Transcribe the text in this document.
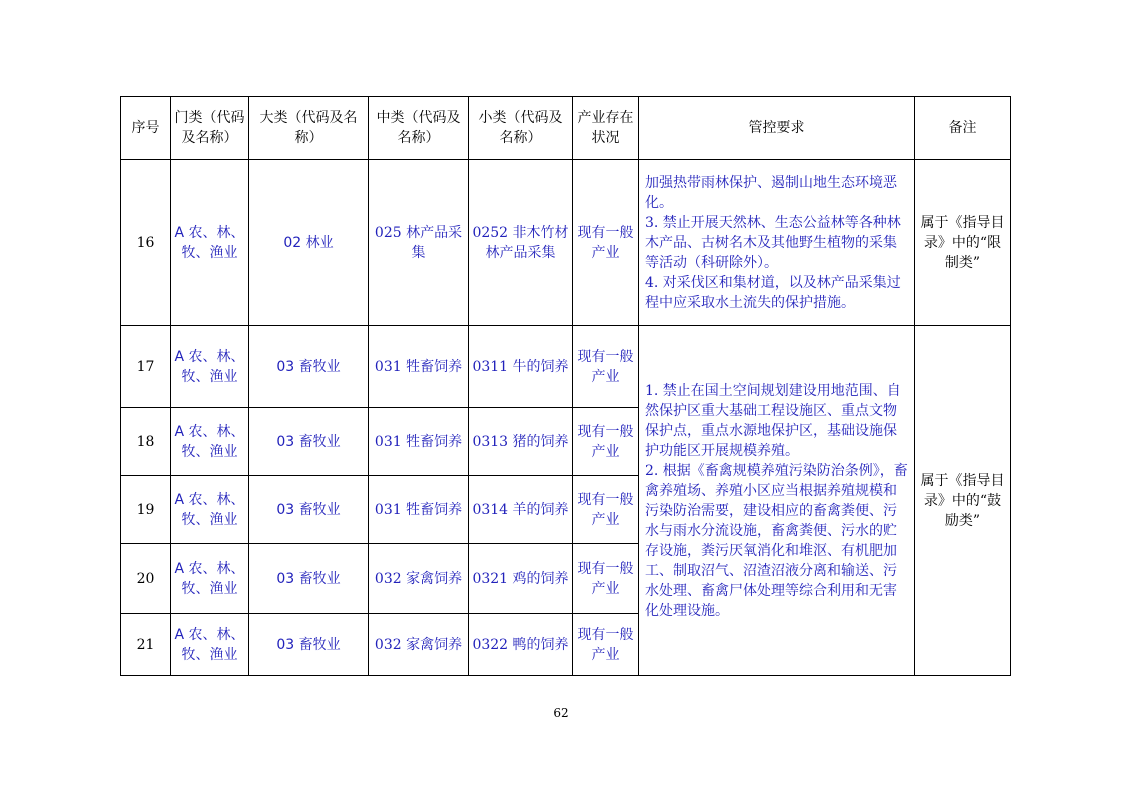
序号	门类（代码及名称）	大类（代码及名称）	中类（代码及名称）	小类（代码及名称）	产业存在状况	管控要求	备注
16	A 农、林、牧、渔业	02 林业	025 林产品采集	0252 非木竹材林产品采集	现有一般产业	加强热带雨林保护、遏制山地生态环境恶化。
3. 禁止开展天然林、生态公益林等各种林木产品、古树名木及其他野生植物的采集等活动（科研除外）。
4. 对采伐区和集材道，以及林产品采集过程中应采取水土流失的保护措施。	属于《指导目录》中的“限制类”
17	A 农、林、牧、渔业	03 畜牧业	031 牲畜饲养	0311 牛的饲养	现有一般产业	1. 禁止在国土空间规划建设用地范围、自然保护区重大基础工程设施区、重点文物保护点，重点水源地保护区，基础设施保护功能区开展规模养殖。
2. 根据《畜禽规模养殖污染防治条例》，畜禽养殖场、养殖小区应当根据养殖规模和污染防治需要，建设相应的畜禽粪便、污水与雨水分流设施，畜禽粪便、污水的贮存设施，粪污厌氧消化和堆沤、有机肥加工、制取沼气、沼渣沼液分离和输送、污水处理、畜禽尸体处理等综合利用和无害化处理设施。	属于《指导目录》中的“鼓励类”
18	A 农、林、牧、渔业	03 畜牧业	031 牲畜饲养	0313 猪的饲养	现有一般产业		
19	A 农、林、牧、渔业	03 畜牧业	031 牲畜饲养	0314 羊的饲养	现有一般产业		
20	A 农、林、牧、渔业	03 畜牧业	032 家禽饲养	0321 鸡的饲养	现有一般产业		
21	A 农、林、牧、渔业	03 畜牧业	032 家禽饲养	0322 鸭的饲养	现有一般产业		
62
